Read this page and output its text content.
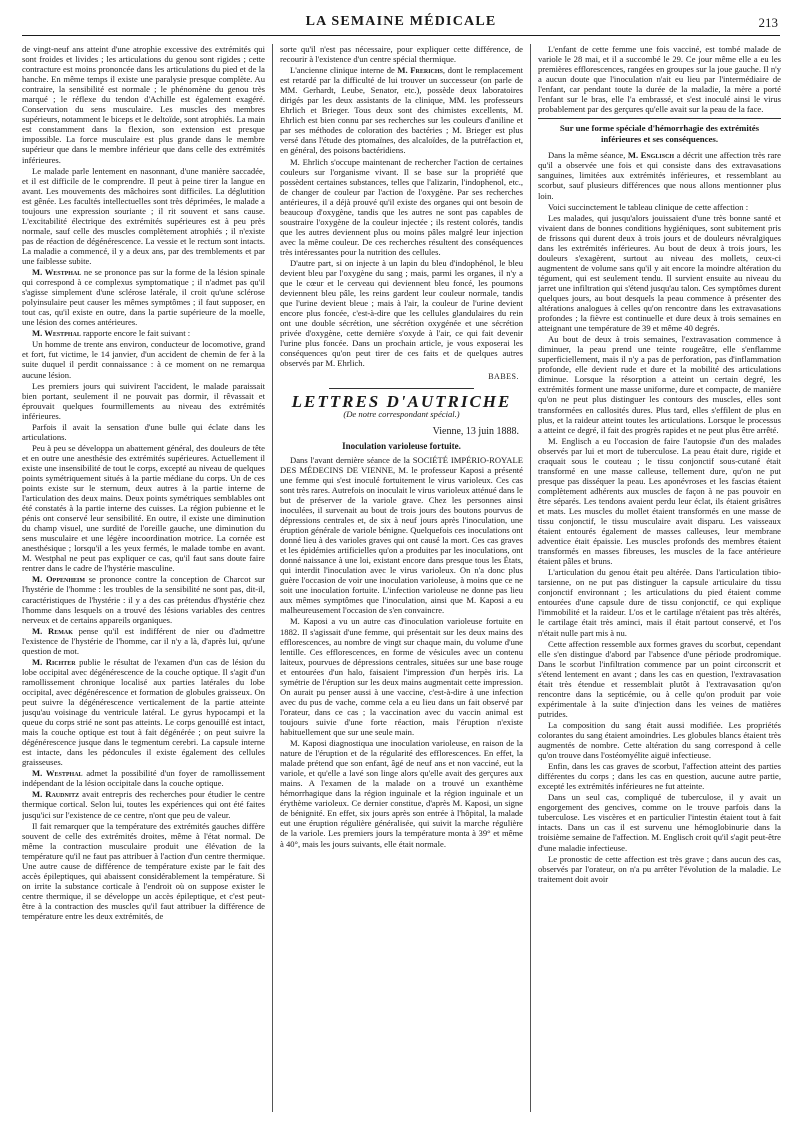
LA SEMAINE MÉDICALE	213

de vingt-neuf ans atteint d'une atrophie excessive des extrémités qui sont froides et livides ; les articulations du genou sont rigides ; cette contracture est moins prononcée dans les articulations du pied et de la hanche. En même temps il existe une paralysie presque complète. Au contraire, la sensibilité est normale ; le phénomène du genou très marqué ; le réflexe du tendon d'Achille est également exagéré. Conservation du sens musculaire. Les muscles des membres supérieurs, notamment le biceps et le deltoïde, sont atrophiés. La main est constamment dans la flexion, son extension est presque impossible. La force musculaire est plus grande dans le membre supérieur que dans le membre inférieur que dans celle des extrémités inférieures.

Le malade parle lentement en nasonnant, d'une manière saccadée, et il est difficile de le comprendre. Il peut à peine tirer la langue en avant. Les mouvements des mâchoires sont difficiles. La déglutition est gênée. Les facultés intellectuelles sont très déprimées, le malade a toujours une expression souriante ; il rit souvent et sans cause. L'excitabilité électrique des extrémités supérieures est à peu près normale, sauf celle des muscles complètement atrophiés ; il n'existe pas de réaction de dégénérescence. La vessie et le rectum sont intacts. La maladie a commencé, il y a deux ans, par des tremblements et par une faiblesse subite.

M. Westphal ne se prononce pas sur la forme de la lésion spinale qui correspond à ce complexus symptomatique ; il n'admet pas qu'il s'agisse simplement d'une sclérose latérale, il croit qu'une sclérose polyinsulaire peut causer les mêmes symptômes ; il faut supposer, en tout cas, qu'il existe en outre, dans la partie supérieure de la moelle, une lésion des cornes antérieures.

M. Westphal rapporte encore le fait suivant :

Un homme de trente ans environ, conducteur de locomotive, grand et fort, fut victime, le 14 janvier, d'un accident de chemin de fer à la suite duquel il perdit connaissance : à ce moment on ne remarqua aucune lésion.

Les premiers jours qui suivirent l'accident, le malade paraissait bien portant, seulement il ne pouvait pas dormir, il rêvassait et éprouvait quelques fourmillements au niveau des extrémités inférieures.

Parfois il avait la sensation d'une bulle qui éclate dans les articulations.

Peu à peu se développa un abattement général, des douleurs de tête et en outre une anesthésie des extrémités supérieures. Actuellement il existe une insensibilité de tout le corps, excepté au niveau de quelques points symétriquement situés à la partie médiane du corps. Un de ces points existe sur le sternum, deux autres à la partie interne de l'articulation des deux mains. Deux points symétriques semblables ont été constatés à la partie interne des cuisses. La région pubienne et le pénis ont conservé leur sensibilité. En outre, il existe une diminution du champ visuel, une surdité de l'oreille gauche, une diminution du sens musculaire et une légère incoordination motrice. La cornée est anesthésique ; lorsqu'il a les yeux fermés, le malade tombe en avant. M. Westphal ne peut pas expliquer ce cas, qu'il faut sans doute faire rentrer dans le cadre de l'hystérie masculine.

M. Oppenheim se prononce contre la conception de Charcot sur l'hystérie de l'homme : les troubles de la sensibilité ne sont pas, dit-il, caractéristiques de l'hystérie : il y a des cas prétendus d'hystérie chez l'homme dans lesquels on a trouvé des lésions variables des centres nerveux et de certains appareils organiques.

M. Remak pense qu'il est indifférent de nier ou d'admettre l'existence de l'hystérie de l'homme, car il n'y a là, d'après lui, qu'une question de mot.

M. Richter publie le résultat de l'examen d'un cas de lésion du lobe occipital avec dégénérescence de la couche optique. Il s'agit d'un ramollissement chronique localisé aux parties latérales du lobe occipital, avec dégénérescence et formation de globules graisseux. On peut suivre la dégénérescence verticalement de la partie atteinte jusqu'au voisinage du ventricule latéral. Le gyrus hypocampi et la queue du corps strié ne sont pas atteints. Le corps genouillé est intact, mais la couche optique est tout à fait dégénérée ; on peut suivre la dégénérescence jusque dans le tegmentum cerebri. La capsule interne est intacte, dans les pédoncules il existe également des cellules graisseuses.

M. Westphal admet la possibilité d'un foyer de ramollissement indépendant de la lésion occipitale dans la couche optique.

M. Raudnitz avait entrepris des recherches pour étudier le centre thermique cortical. Selon lui, toutes les expériences qui ont été faites jusqu'ici sur l'existence de ce centre, n'ont que peu de valeur.

Il fait remarquer que la température des extrémités gauches diffère souvent de celle des extrémités droites, même à l'état normal. De même la contraction musculaire produit une élévation de la température qu'il ne faut pas attribuer à l'action d'un centre thermique. Une autre cause de différence de température existe par le fait des accès épileptiques, qui abaissent considérablement la température. Si on irrite la substance corticale à l'endroit où on suppose exister le centre thermique, il se développe un accès épileptique, et c'est peut-être à la contraction des muscles qu'il faut attribuer la différence de température entre les deux extrémités, de

sorte qu'il n'est pas nécessaire, pour expliquer cette différence, de recourir à l'existence d'un centre spécial thermique.

L'ancienne clinique interne de M. Frerichs, dont le remplacement est retardé par la difficulté de lui trouver un successeur (on parle de MM. Gerhardt, Leube, Senator, etc.), possède deux laboratoires dirigés par les deux assistants de la clinique, MM. les professeurs Ehrlich et Brieger. Tous deux sont des chimistes excellents, M. Ehrlich est bien connu par ses recherches sur les couleurs d'aniline et par ses méthodes de coloration des bactéries ; M. Brieger est plus versé dans l'étude des ptomaïnes, des alcaloïdes, de la putréfaction et, en général, des poisons bactéridiens.

M. Ehrlich s'occupe maintenant de rechercher l'action de certaines couleurs sur l'organisme vivant. Il se base sur la propriété que possèdent certaines substances, telles que l'alizarin, l'indophenol, etc., de changer de couleur par l'action de l'oxygène. Par ses recherches antérieures, il a déjà prouvé qu'il existe des organes qui ont besoin de beaucoup d'oxygène, tandis que les autres ne sont pas capables de soustraire l'oxygène de la couleur injectée ; ils restent colorés, tandis que les autres deviennent plus ou moins pâles malgré leur injection avec la même couleur. De ces recherches résultent des conséquences très intéressantes pour la nutrition des cellules.

D'autre part, si on injecte à un lapin du bleu d'indophénol, le bleu devient bleu par l'oxygène du sang ; mais, parmi les organes, il n'y a que le cœur et le cerveau qui deviennent bleu foncé, les poumons deviennent bleu pâle, les reins gardent leur couleur normale, tandis que l'urine devient bleue ; mais à l'air, la couleur de l'urine devient encore plus foncée, c'est-à-dire que les cellules glandulaires du rein ont une double sécrétion, une sécrétion oxygénée et une sécrétion privée d'oxygène, cette dernière s'oxyde à l'air, ce qui fait devenir l'urine plus foncée. Dans un prochain article, je vous exposerai les conséquences qu'on peut tirer de ces faits et de quelques autres observés par M. Ehrlich.

BABES.
LETTRES D'AUTRICHE
(De notre correspondant spécial.)
Vienne, 13 juin 1888.
Inoculation varioleuse fortuite.

Dans l'avant dernière séance de la SOCIÉTÉ IMPÉRIO-ROYALE DES MÉDECINS DE VIENNE, M. le professeur Kaposi a présenté une femme qui s'est inoculé fortuitement le virus varioleux. Ces cas sont très rares. Autrefois on inoculait le virus varioleux atténué dans le but de préserver de la variole grave. Chez les personnes ainsi inoculées, il survenait au bout de trois jours des boutons pourvus de dépressions centrales et, de six à neuf jours après l'inoculation, une éruption générale de variole bénigne. Quelquefois ces inoculations ont donné lieu à des varioles graves qui ont causé la mort. Ces cas graves et les épidémies artificielles qu'on a produites par les inoculations, ont donné naissance à une loi, existant encore dans presque tous les États, qui interdit l'inoculation avec le virus varioleux. On n'a donc plus guère l'occasion de voir une inoculation varioleuse, à moins que ce ne soit une inoculation fortuite. L'infection varioleuse ne donne pas lieu aux mêmes symptômes que l'inoculation, ainsi que M. Kaposi a eu malheureusement l'occasion de s'en convaincre.

M. Kaposi a vu un autre cas d'inoculation varioleuse fortuite en 1882. Il s'agissait d'une femme, qui présentait sur les deux mains des efflorescences, au nombre de vingt sur chaque main, du volume d'une lentille. Ces efflorescences, en forme de vésicules avec un contenu laiteux, pourvues de dépressions centrales, situées sur une base rouge et entourées d'un halo, faisaient l'impression d'un herpès iris. La symétrie de l'éruption sur les deux mains augmentait cette impression. On aurait pu penser aussi à une vaccine, c'est-à-dire à une infection avec du pus de vache, comme cela a eu lieu dans un fait observé par l'orateur, dans ce cas ; la vaccination avec du vaccin animal est toujours suivie d'une forte réaction, mais l'éruption n'existe habituellement que sur une seule main.

M. Kaposi diagnostiqua une inoculation varioleuse, en raison de la nature de l'éruption et de la régularité des efflorescences. En effet, la malade prétend que son enfant, âgé de neuf ans et non vacciné, eut la variole, et qu'elle a lavé son linge alors qu'elle avait des gerçures aux mains. A l'examen de la malade on a trouvé un exanthème hémorrhagique dans la région inguinale et la région inguinale et un érythème varioleux. Ce dernier constitue, d'après M. Kaposi, un signe de bénignité. En effet, six jours après son entrée à l'hôpital, la malade eut une éruption régulière généralisée, qui suivit la marche régulière de la variole. Les premiers jours la température monta à 39° et même à 40°, mais les jours suivants, elle était normale.

L'enfant de cette femme une fois vacciné, est tombé malade de variole le 28 mai, et il a succombé le 29. Ce jour même elle a eu les premières efflorescences, rangées en groupes sur la joue gauche. Il n'y a aucun doute que l'inoculation n'ait eu lieu par l'intermédiaire de l'enfant, car pendant toute la durée de la maladie, la mère a porté l'enfant sur le bras, elle l'a embrassé, et s'est inoculé ainsi le virus probablement par des gerçures qu'elle avait sur la peau de la face.

Sur une forme spéciale d'hémorrhagie des extrémités inférieures et ses conséquences.

Dans la même séance, M. Englisch a décrit une affection très rare qu'il a observée une fois et qui consiste dans des extravasations sanguines, limitées aux extrémités inférieures, et ressemblant au scorbut, sauf plusieurs différences que nous allons mentionner plus loin.

Voici succinctement le tableau clinique de cette affection :

Les malades, qui jusqu'alors jouissaient d'une très bonne santé et vivaient dans de bonnes conditions hygiéniques, sont subitement pris de frissons qui durent deux à trois jours et de douleurs névralgiques dans les extrémités inférieures. Au bout de deux à trois jours, les douleurs s'exagèrent, surtout au niveau des mollets, ceux-ci augmentent de volume sans qu'il y ait encore la moindre altération du tégument, qui est seulement tendu. Il survient ensuite au niveau du jarret une infiltration qui s'étend jusqu'au talon. Ces symptômes durent quelques jours, au bout desquels la peau commence à présenter des altérations analogues à celles qu'on rencontre dans les extravasations profondes ; la fièvre est continuelle et dure deux à trois semaines en atteignant une température de 39 et même 40 degrés.

Au bout de deux à trois semaines, l'extravasation commence à diminuer, la peau prend une teinte rougeâtre, elle s'enflamme superficiellement, mais il n'y a pas de perforation, pas d'inflammation profonde, elle devient rude et dure et la mobilité des articulations diminue. Lorsque la résorption a atteint un certain degré, les extrémités forment une masse uniforme, dure et compacte, de manière qu'on ne peut plus distinguer les contours des muscles, elles sont transformées en callosités dures. Plus tard, elles s'effilent de plus en plus, et la raideur atteint toutes les articulations. Lorsque le processus a atteint ce degré, il fait des progrès rapides et ne peut plus être arrêté.

M. Englisch a eu l'occasion de faire l'autopsie d'un des malades observés par lui et mort de tuberculose. La peau était dure, rigide et craquait sous le couteau ; le tissu conjonctif sous-cutané était transformé en une masse calleuse, tellement dure, qu'on ne put presque pas disséquer la peau. Les aponévroses et les fascias étaient complètement adhérents aux muscles de façon à ne pas pouvoir en être séparés. Les tendons avaient perdu leur éclat, ils étaient grisâtres et mats. Les muscles du mollet étaient transformés en une masse de tissu conjonctif, le tissu musculaire avait disparu. Les vaisseaux étaient entourés également de masses calleuses, leur membrane adventice était épaissie. Les muscles profonds des membres étaient transformés en masses fibreuses, les muscles de la face antérieure étaient pâles et bruns.

L'articulation du genou était peu altérée. Dans l'articulation tibio-tarsienne, on ne put pas distinguer la capsule articulaire du tissu conjonctif environnant ; les articulations du pied étaient comme entourées d'une capsule dure de tissu conjonctif, ce qui explique l'immobilité et la raideur. L'os et le cartilage n'étaient pas très altérés, le cartilage était très aminci, mais il était partout conservé, et l'os n'était nulle part mis à nu.

Cette affection ressemble aux formes graves du scorbut, cependant elle s'en distingue d'abord par l'absence d'une période prodromique. Dans le scorbut l'infiltration commence par un point circonscrit et s'étend lentement en avant ; dans les cas en question, l'extravasation était très étendue et ressemblait plutôt à l'extravasation qu'on rencontre dans la septicémie, ou à celle qu'on produit par voie expérimentale à la suite d'injection dans les veines de matières putrides.

La composition du sang était aussi modifiée. Les propriétés colorantes du sang étaient amoindries. Les globules blancs étaient très augmentés de nombre. Cette altération du sang correspond à celle qu'on trouve dans l'ostéomyélite aiguë infectieuse.

Enfin, dans les cas graves de scorbut, l'affection atteint des parties différentes du corps ; dans les cas en question, aucune autre partie, excepté les extrémités inférieures ne fut atteinte.

Dans un seul cas, compliqué de tuberculose, il y avait un engorgement des gencives, comme on le trouve parfois dans la tuberculose. Les viscères et en particulier l'intestin étaient tout à fait intacts. Dans un cas il est survenu une hémoglobinurie dans la troisième semaine de l'affection. M. Englisch croit qu'il s'agit peut-être d'une maladie infectieuse.

Le pronostic de cette affection est très grave ; dans aucun des cas, observés par l'orateur, on n'a pu arrêter l'évolution de la maladie. Le traitement doit avoir
